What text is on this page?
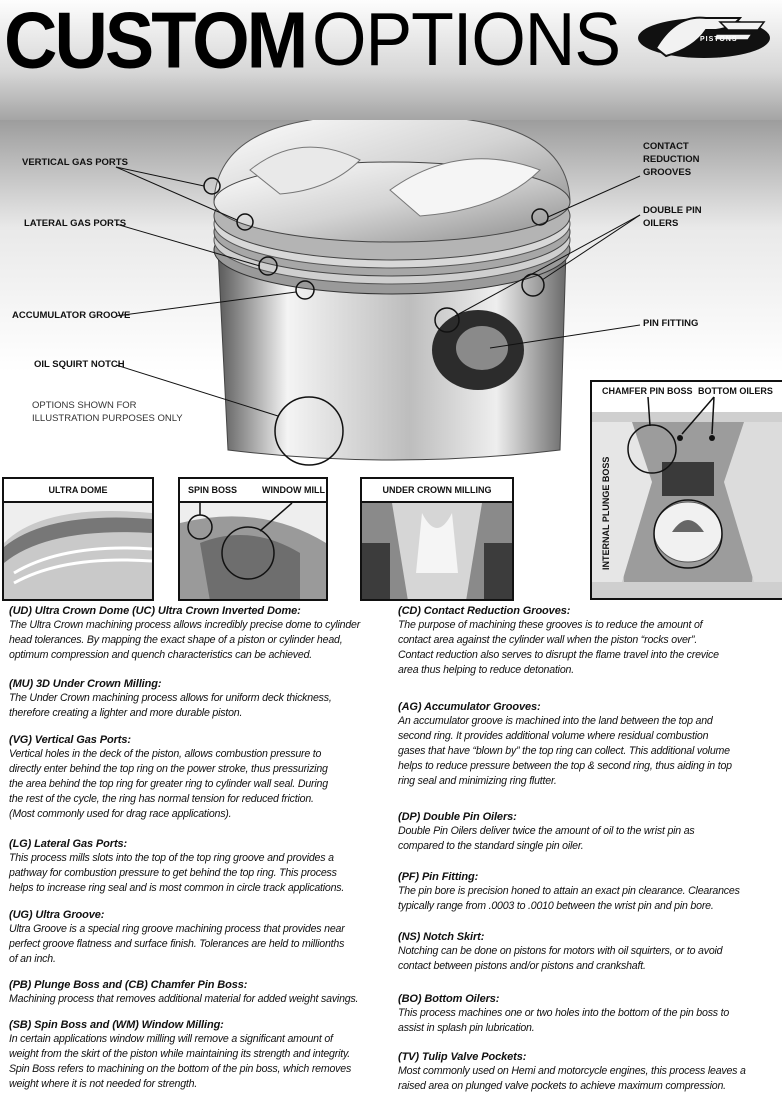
CUSTOM OPTIONS	PISTONS
VERTICAL GAS PORTS
LATERAL GAS PORTS
ACCUMULATOR GROOVE
OIL SQUIRT NOTCH
OPTIONS SHOWN FOR
ILLUSTRATION PURPOSES ONLY
CONTACT
REDUCTION
GROOVES
DOUBLE PIN
OILERS
PIN FITTING
CHAMFER PIN BOSS BOTTOM OILERS
INTERNAL PLUNGE BOSS
ULTRA DOME	SPIN BOSS	WINDOW MILL	UNDER CROWN MILLING
(UD) Ultra Crown Dome (UC) Ultra Crown Inverted Dome:

The Ultra Crown machining process allows incredibly precise dome to cylinder

head tolerances. By mapping the exact shape of a piston or cylinder head,

optimum compression and quench characteristics can be achieved.

(MU) 3D Under Crown Milling:

The Under Crown machining process allows for uniform deck thickness,

therefore creating a lighter and more durable piston.

(VG) Vertical Gas Ports:

Vertical holes in the deck of the piston, allows combustion pressure to

directly enter behind the top ring on the power stroke, thus pressurizing

the area behind the top ring for greater ring to cylinder wall seal. During

the rest of the cycle, the ring has normal tension for reduced friction.

(Most commonly used for drag race applications).

(LG) Lateral Gas Ports:

This process mills slots into the top of the top ring groove and provides a

pathway for combustion pressure to get behind the top ring. This process

helps to increase ring seal and is most common in circle track applications.

(UG) Ultra Groove:

Ultra Groove is a special ring groove machining process that provides near

perfect groove flatness and surface finish. Tolerances are held to millionths

of an inch.

(PB) Plunge Boss and (CB) Chamfer Pin Boss:

Machining process that removes additional material for added weight savings.

(SB) Spin Boss and (WM) Window Milling:

In certain applications window milling will remove a significant amount of

weight from the skirt of the piston while maintaining its strength and integrity.

Spin Boss refers to machining on the bottom of the pin boss, which removes

weight where it is not needed for strength.

(CD) Contact Reduction Grooves:

The purpose of machining these grooves is to reduce the amount of

contact area against the cylinder wall when the piston “rocks over”.

Contact reduction also serves to disrupt the flame travel into the crevice

area thus helping to reduce detonation.

(AG) Accumulator Grooves:

An accumulator groove is machined into the land between the top and

second ring. It provides additional volume where residual combustion

gases that have “blown by” the top ring can collect. This additional volume

helps to reduce pressure between the top & second ring, thus aiding in top

ring seal and minimizing ring flutter.

(DP) Double Pin Oilers:

Double Pin Oilers deliver twice the amount of oil to the wrist pin as

compared to the standard single pin oiler.

(PF) Pin Fitting:

The pin bore is precision honed to attain an exact pin clearance. Clearances

typically range from .0003 to .0010 between the wrist pin and pin bore.

(NS) Notch Skirt:

Notching can be done on pistons for motors with oil squirters, or to avoid

contact between pistons and/or pistons and crankshaft.

(BO) Bottom Oilers:

This process machines one or two holes into the bottom of the pin boss to

assist in splash pin lubrication.

(TV) Tulip Valve Pockets:

Most commonly used on Hemi and motorcycle engines, this process leaves a

raised area on plunged valve pockets to achieve maximum compression.
